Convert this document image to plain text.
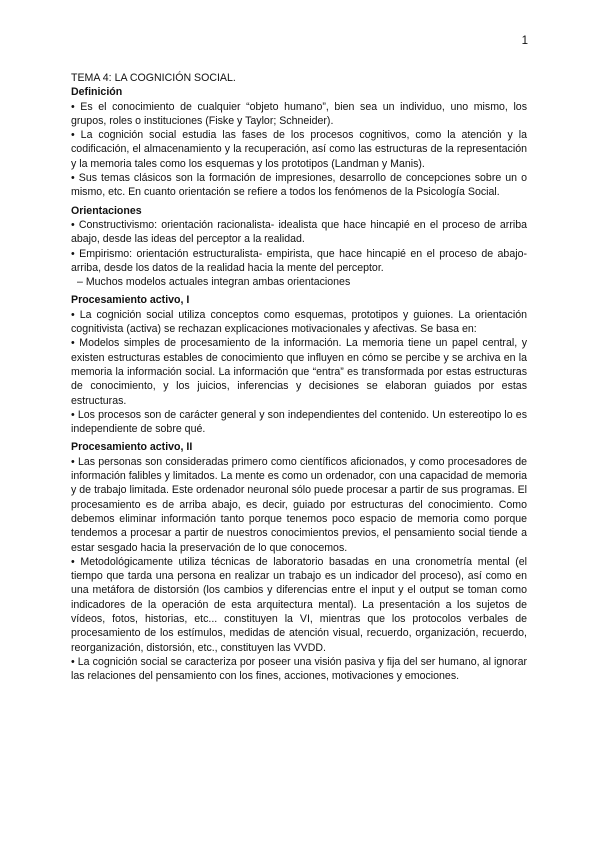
1
TEMA 4: LA COGNICIÓN SOCIAL.
Definición

• Es el conocimiento de cualquier “objeto humano”, bien sea un individuo, uno mismo, los grupos, roles o instituciones (Fiske y Taylor; Schneider).

• La cognición social estudia las fases de los procesos cognitivos, como la atención y la codificación, el almacenamiento y la recuperación, así como las estructuras de la representación y la memoria tales como los esquemas y los prototipos (Landman y Manis).

• Sus temas clásicos son la formación de impresiones, desarrollo de concepciones sobre un o mismo, etc. En cuanto orientación se refiere a todos los fenómenos de la Psicología Social.

Orientaciones

• Constructivismo: orientación racionalista- idealista que hace hincapié en el proceso de arriba abajo, desde las ideas del perceptor a la realidad.

• Empirismo: orientación estructuralista- empirista, que hace hincapié en el proceso de abajo-arriba, desde los datos de la realidad hacia la mente del perceptor.

– Muchos modelos actuales integran ambas orientaciones

Procesamiento activo, I

• La cognición social utiliza conceptos como esquemas, prototipos y guiones. La orientación cognitivista (activa) se rechazan explicaciones motivacionales y afectivas. Se basa en:

• Modelos simples de procesamiento de la información. La memoria tiene un papel central, y existen estructuras estables de conocimiento que influyen en cómo se percibe y se archiva en la memoria la información social. La información que “entra” es transformada por estas estructuras de conocimiento, y los juicios, inferencias y decisiones se elaboran guiados por estas estructuras.

• Los procesos son de carácter general y son independientes del contenido. Un estereotipo lo es independiente de sobre qué.

Procesamiento activo, II

• Las personas son consideradas primero como científicos aficionados, y como procesadores de información falibles y limitados. La mente es como un ordenador, con una capacidad de memoria y de trabajo limitada. Este ordenador neuronal sólo puede procesar a partir de sus programas. El procesamiento es de arriba abajo, es decir, guiado por estructuras del conocimiento. Como debemos eliminar información tanto porque tenemos poco espacio de memoria como porque tendemos a procesar a partir de nuestros conocimientos previos, el pensamiento social tiende a estar sesgado hacia la preservación de lo que conocemos.

• Metodológicamente utiliza técnicas de laboratorio basadas en una cronometría mental (el tiempo que tarda una persona en realizar un trabajo es un indicador del proceso), así como en una metáfora de distorsión (los cambios y diferencias entre el input y el output se toman como indicadores de la operación de esta arquitectura mental). La presentación a los sujetos de vídeos, fotos, historias, etc... constituyen la VI, mientras que los protocolos verbales de procesamiento de los estímulos, medidas de atención visual, recuerdo, organización, recuerdo, reorganización, distorsión, etc., constituyen las VVDD.

• La cognición social se caracteriza por poseer una visión pasiva y fija del ser humano, al ignorar las relaciones del pensamiento con los fines, acciones, motivaciones y emociones.
